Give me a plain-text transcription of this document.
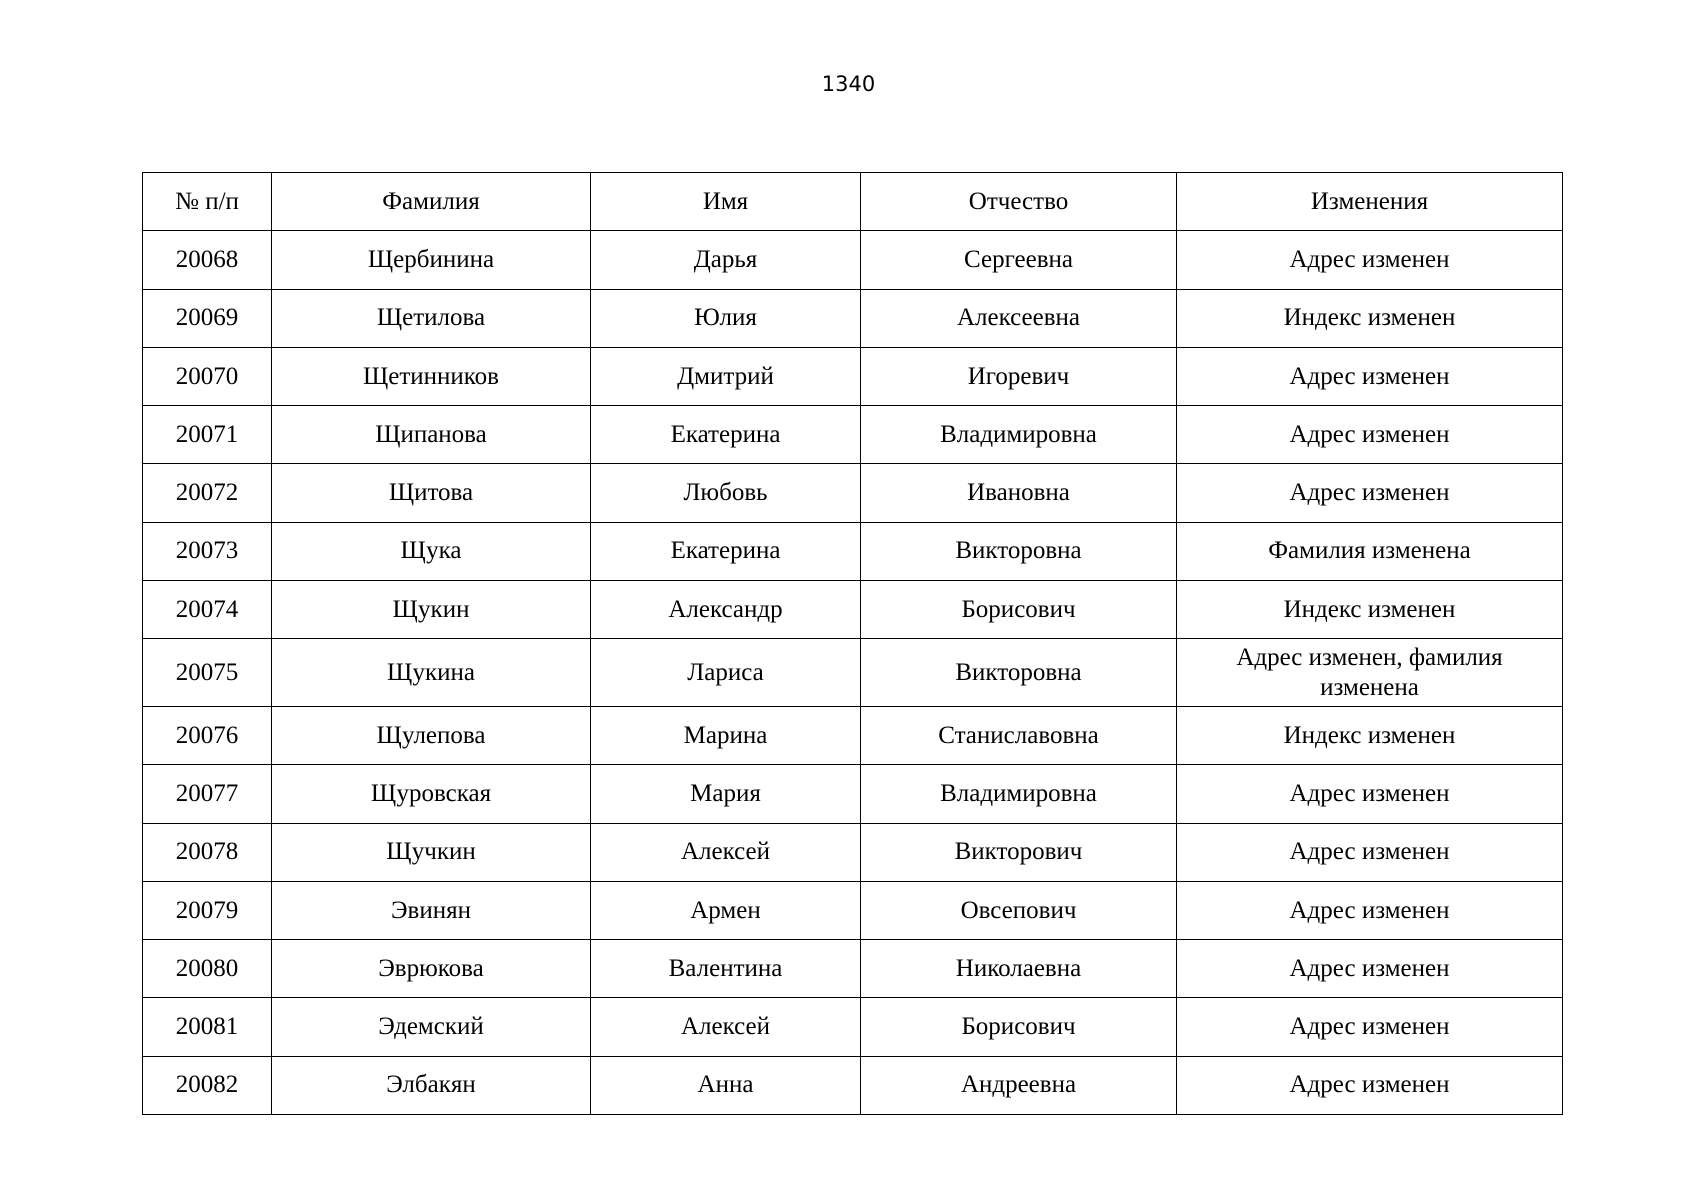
1340
№ п/п	Фамилия	Имя	Отчество	Изменения
20068	Щербинина	Дарья	Сергеевна	Адрес изменен
20069	Щетилова	Юлия	Алексеевна	Индекс изменен
20070	Щетинников	Дмитрий	Игоревич	Адрес изменен
20071	Щипанова	Екатерина	Владимировна	Адрес изменен
20072	Щитова	Любовь	Ивановна	Адрес изменен
20073	Щука	Екатерина	Викторовна	Фамилия изменена
20074	Щукин	Александр	Борисович	Индекс изменен
20075	Щукина	Лариса	Викторовна	Адрес изменен, фамилия изменена
20076	Щулепова	Марина	Станиславовна	Индекс изменен
20077	Щуровская	Мария	Владимировна	Адрес изменен
20078	Щучкин	Алексей	Викторович	Адрес изменен
20079	Эвинян	Армен	Овсепович	Адрес изменен
20080	Эврюкова	Валентина	Николаевна	Адрес изменен
20081	Эдемский	Алексей	Борисович	Адрес изменен
20082	Элбакян	Анна	Андреевна	Адрес изменен
